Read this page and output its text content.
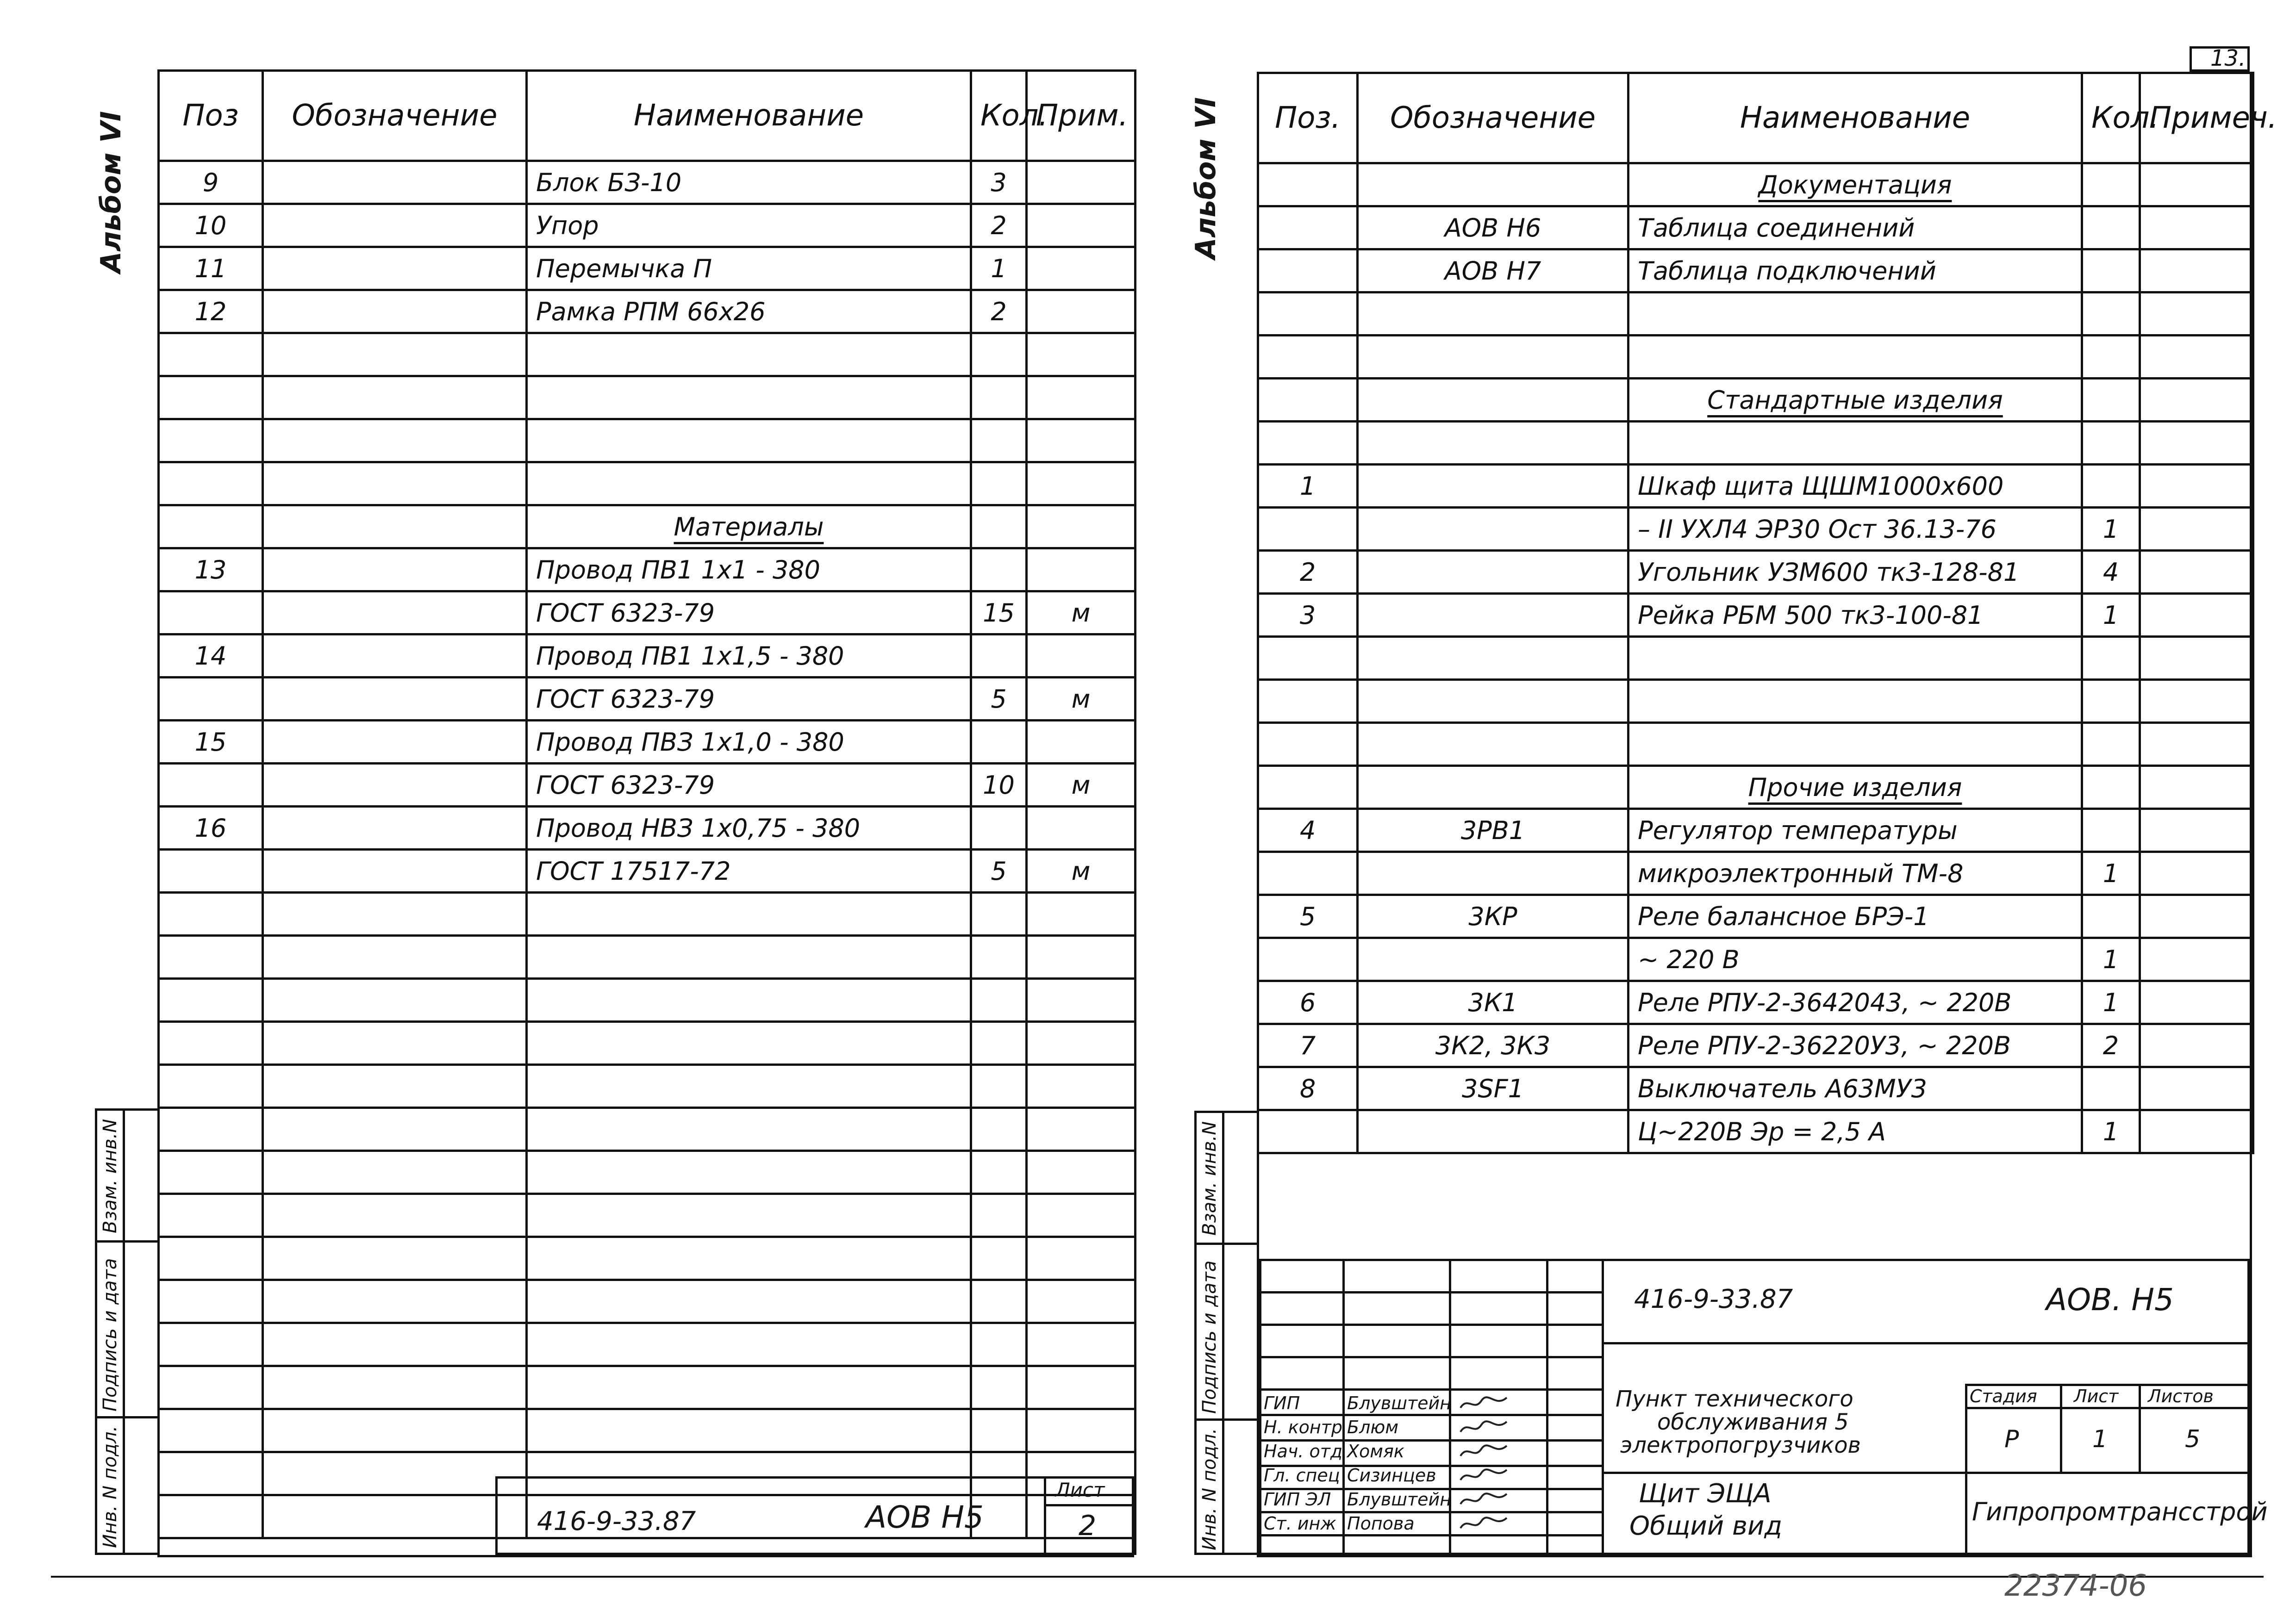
Альбом VI Поз	Обозначение	Наименование	Кол.	Прим.
9		Блок БЗ-10	3	
10		Упор	2	
11		Перемычка П	1	
12		Рамка РПМ 66х26	2	

		Материалы		
13		Провод ПВ1 1х1 - 380		
		ГОСТ 6323-79	15	м
14		Провод ПВ1 1х1,5 - 380		
		ГОСТ 6323-79	5	м
15		Провод ПВЗ 1х1,0 - 380		
		ГОСТ 6323-79	10	м
16		Провод НВЗ 1х0,75 - 380		
		ГОСТ 17517-72	5	м

Взам. инв.N
Подпись и дата
Инв. N подл.	416-9-33.87	АОВ Н5
Лист
2
Альбом VI
13.
Поз.	Обозначение	Наименование	Кол.	Примеч.
		Документация		
	АОВ Н6	Таблица соединений		
	АОВ Н7	Таблица подключений		

		Стандартные изделия		

1		Шкаф щита ЩШМ1000х600		
		– II УХЛ4 ЭР30 Ост 36.13-76	1	
2		Угольник УЗМ600 тк3-128-81	4	
3		Рейка РБМ 500 тк3-100-81	1	

		Прочие изделия		
4	3РВ1	Регулятор температуры		
		микроэлектронный ТМ-8	1	
5	3КР	Реле балансное БРЭ-1		
		~ 220 В	1	
6	3К1	Реле РПУ-2-3642043, ~ 220В	1	
7	3К2, 3К3	Реле РПУ-2-36220У3, ~ 220В	2	
8	3SF1	Выключатель А63МУ3		
		Ц~220В Эр = 2,5 А	1	
Взам. инв.N
Подпись и дата
Инв. N подл.
ГИП	Блувштейн
Н. контр Блюм
Нач. отд Хомяк
Гл. спец Сизинцев
ГИП ЭЛ Блувштейн
Ст. инж Попова
416-9-33.87	АОВ. Н5
Пункт технического
обслуживания 5
электропогрузчиков
Щит ЭЩА
Общий вид
Стадия Лист Листов
Р	1	5
Гипропромтрансстрой
22374-06
